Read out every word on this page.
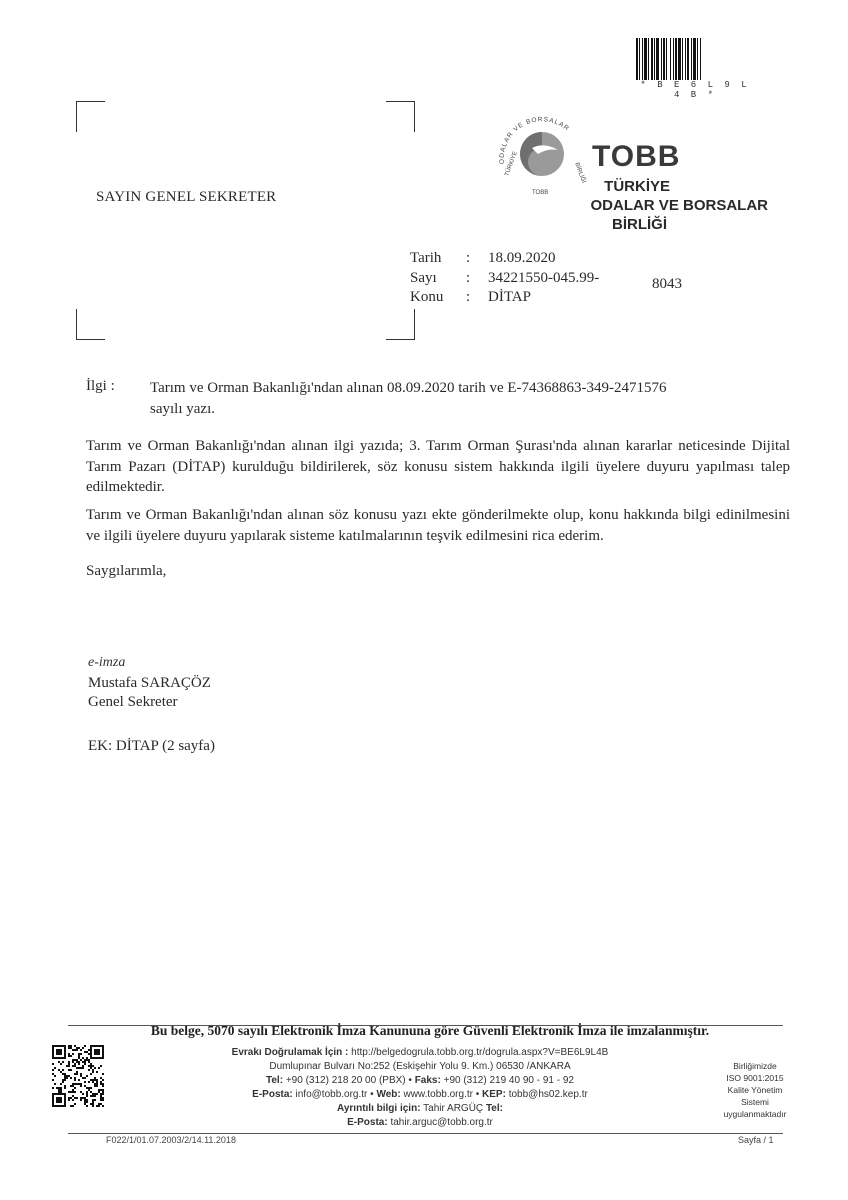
* B E 6 L 9 L 4 B *
ODALAR VE BORSALAR
TÜRKİYE	BİRLİĞİ
TOBB
TOBB
TÜRKİYE
ODALAR VE BORSALAR
BİRLİĞİ
SAYIN GENEL SEKRETER
Tarih : 18.09.2020
Sayı : 34221550-045.99-	8043
Konu : DİTAP
İlgi : Tarım ve Orman Bakanlığı'ndan alınan 08.09.2020 tarih ve E-74368863-349-2471576 sayılı yazı.
Tarım ve Orman Bakanlığı'ndan alınan ilgi yazıda; 3. Tarım Orman Şurası'nda alınan kararlar neticesinde Dijital Tarım Pazarı (DİTAP) kurulduğu bildirilerek, söz konusu sistem hakkında ilgili üyelere duyuru yapılması talep edilmektedir.
Tarım ve Orman Bakanlığı'ndan alınan söz konusu yazı ekte gönderilmekte olup, konu hakkında bilgi edinilmesini ve ilgili üyelere duyuru yapılarak sisteme katılmalarının teşvik edilmesini rica ederim.
Saygılarımla,
e-imza
Mustafa SARAÇÖZ
Genel Sekreter
EK: DİTAP (2 sayfa)
Bu belge, 5070 sayılı Elektronik İmza Kanununa göre Güvenli Elektronik İmza ile imzalanmıştır.
Evrakı Doğrulamak İçin : http://belgedogrula.tobb.org.tr/dogrula.aspx?V=BE6L9L4B
Dumlupınar Bulvarı No:252 (Eskişehir Yolu 9. Km.) 06530 /ANKARA
Tel: +90 (312) 218 20 00 (PBX) • Faks: +90 (312) 219 40 90 - 91 - 92
E-Posta: info@tobb.org.tr • Web: www.tobb.org.tr • KEP: tobb@hs02.kep.tr
Ayrıntılı bilgi için: Tahir ARGÜÇ Tel:
E-Posta: tahir.arguc@tobb.org.tr
Birliğimizde
ISO 9001:2015
Kalite Yönetim
Sistemi
uygulanmaktadır
F022/1/01.07.2003/2/14.11.2018	Sayfa / 1
